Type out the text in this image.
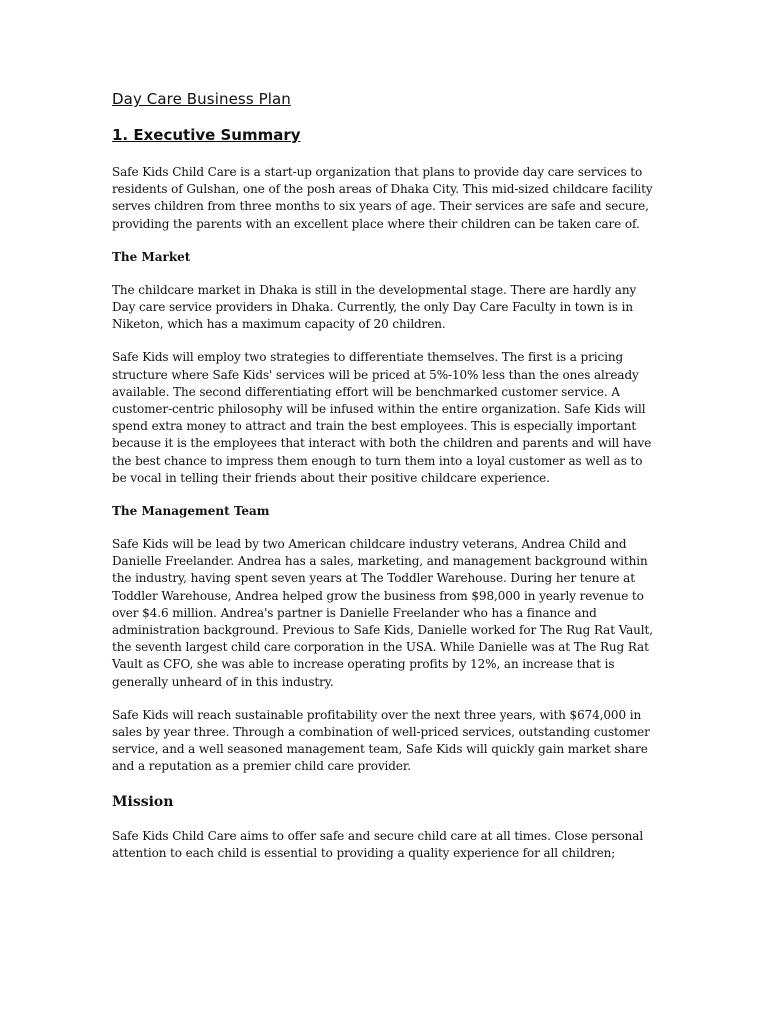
Day Care Business Plan
1. Executive Summary

Safe Kids Child Care is a start-up organization that plans to provide day care services to residents of Gulshan, one of the posh areas of Dhaka City. This mid-sized childcare facility serves children from three months to six years of age. Their services are safe and secure, providing the parents with an excellent place where their children can be taken care of.

The Market

The childcare market in Dhaka is still in the developmental stage. There are hardly any Day care service providers in Dhaka. Currently, the only Day Care Faculty in town is in Niketon, which has a maximum capacity of 20 children.

Safe Kids will employ two strategies to differentiate themselves. The first is a pricing structure where Safe Kids' services will be priced at 5%-10% less than the ones already available. The second differentiating effort will be benchmarked customer service. A customer-centric philosophy will be infused within the entire organization. Safe Kids will spend extra money to attract and train the best employees. This is especially important because it is the employees that interact with both the children and parents and will have the best chance to impress them enough to turn them into a loyal customer as well as to be vocal in telling their friends about their positive childcare experience.

The Management Team

Safe Kids will be lead by two American childcare industry veterans, Andrea Child and Danielle Freelander. Andrea has a sales, marketing, and management background within the industry, having spent seven years at The Toddler Warehouse. During her tenure at Toddler Warehouse, Andrea helped grow the business from $98,000 in yearly revenue to over $4.6 million. Andrea's partner is Danielle Freelander who has a finance and administration background. Previous to Safe Kids, Danielle worked for The Rug Rat Vault, the seventh largest child care corporation in the USA. While Danielle was at The Rug Rat Vault as CFO, she was able to increase operating profits by 12%, an increase that is generally unheard of in this industry.

Safe Kids will reach sustainable profitability over the next three years, with $674,000 in sales by year three. Through a combination of well-priced services, outstanding customer service, and a well seasoned management team, Safe Kids will quickly gain market share and a reputation as a premier child care provider.

Mission

Safe Kids Child Care aims to offer safe and secure child care at all times. Close personal attention to each child is essential to providing a quality experience for all children;
